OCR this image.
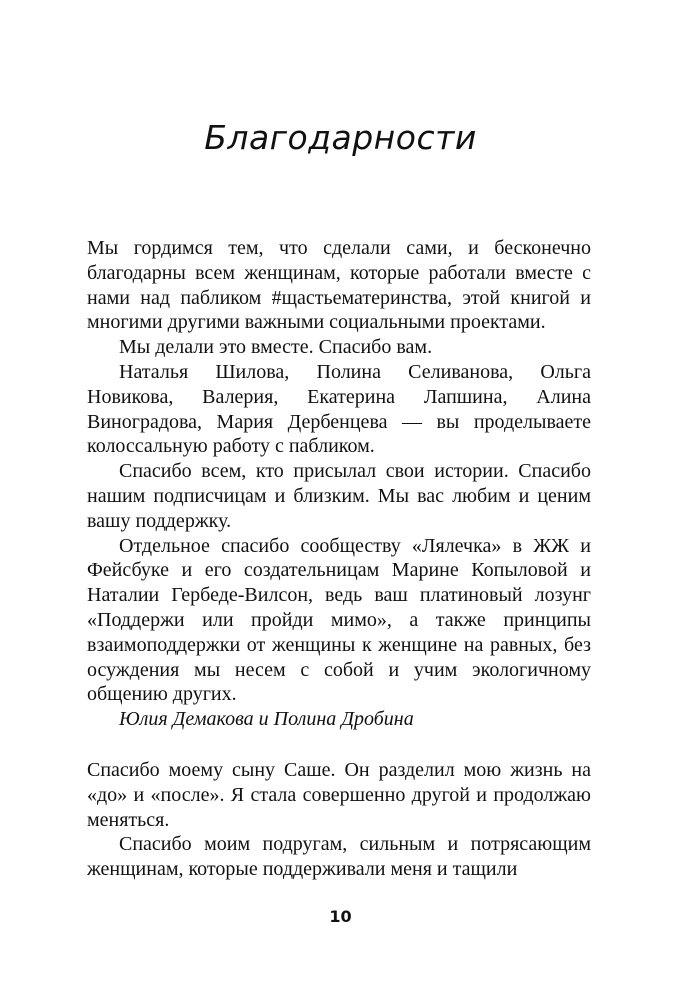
Благодарности

Мы гордимся тем, что сделали сами, и бесконечно благодарны всем женщинам, которые работали вместе с нами над пабликом #щастьематеринства, этой книгой и многими другими важными социальными проектами.

Мы делали это вместе. Спасибо вам.

Наталья Шилова, Полина Селиванова, Ольга Новикова, Валерия, Екатерина Лапшина, Алина Виноградова, Мария Дербенцева — вы проделываете колоссальную работу с пабликом.

Спасибо всем, кто присылал свои истории. Спасибо нашим подписчицам и близким. Мы вас любим и ценим вашу поддержку.

Отдельное спасибо сообществу «Лялечка» в ЖЖ и Фейсбуке и его создательницам Марине Копыловой и Наталии Гербеде-Вилсон, ведь ваш платиновый лозунг «Поддержи или пройди мимо», а также принципы взаимоподдержки от женщины к женщине на равных, без осуждения мы несем с собой и учим экологичному общению других.

Юлия Демакова и Полина Дробина

Спасибо моему сыну Саше. Он разделил мою жизнь на «до» и «после». Я стала совершенно другой и продолжаю меняться.

Спасибо моим подругам, сильным и потрясающим женщинам, которые поддерживали меня и тащили

10
